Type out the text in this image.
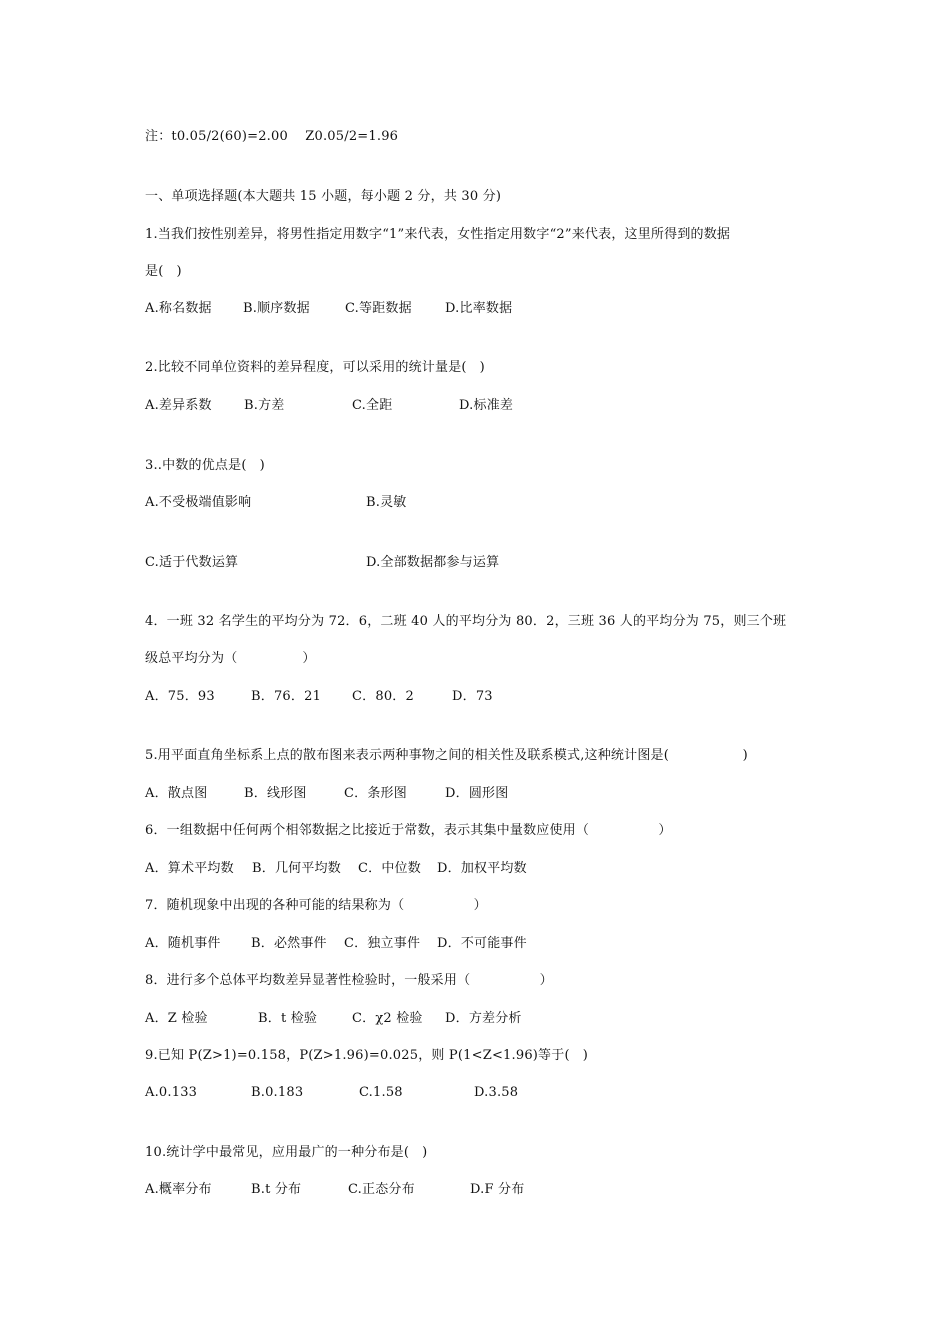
注：t0.05/2(60)=2.00    Z0.05/2=1.96
一、单项选择题(本大题共 15 小题，每小题 2 分，共 30 分)
1.当我们按性别差异，将男性指定用数字“1”来代表，女性指定用数字“2”来代表，这里所得到的数据
是(   )

A.称名数据

B.顺序数据

	C.等距数据

	D.比率数据

2.比较不同单位资料的差异程度，可以采用的统计量是(   )

A.差异系数

B.方差

	C.全距

	D.标准差

3..中数的优点是(   )

A.不受极端值影响

	B.灵敏

C.适于代数运算

	D.全部数据都参与运算

4．一班 32 名学生的平均分为 72．6，二班 40 人的平均分为 80．2，三班 36 人的平均分为 75，则三个班
级总平均分为（               ）

A．75．93

	B．76．21

C．80．2

	D．73

5.用平面直角坐标系上点的散布图来表示两种事物之间的相关性及联系模式,这种统计图是(                 )

A．散点图

	B．线形图

	C．条形图

	D．圆形图

6．一组数据中任何两个相邻数据之比接近于常数，表示其集中量数应使用（                ）

A．算术平均数

B．几何平均数

C．中位数

D．加权平均数

7．随机现象中出现的各种可能的结果称为（                ）

A．随机事件

B．必然事件

C．独立事件

D．不可能事件

8．进行多个总体平均数差异显著性检验时，一般采用（                ）

A．Z 检验

	B．t 检验

	C．χ2 检验

D．方差分析

9.已知 P(Z>1)=0.158，P(Z>1.96)=0.025，则 P(1<Z<1.96)等于(   )

A.0.133

	B.0.183

	C.1.58

	D.3.58

10.统计学中最常见，应用最广的一种分布是(   )

A.概率分布

	B.t 分布

	C.正态分布

	D.F 分布
